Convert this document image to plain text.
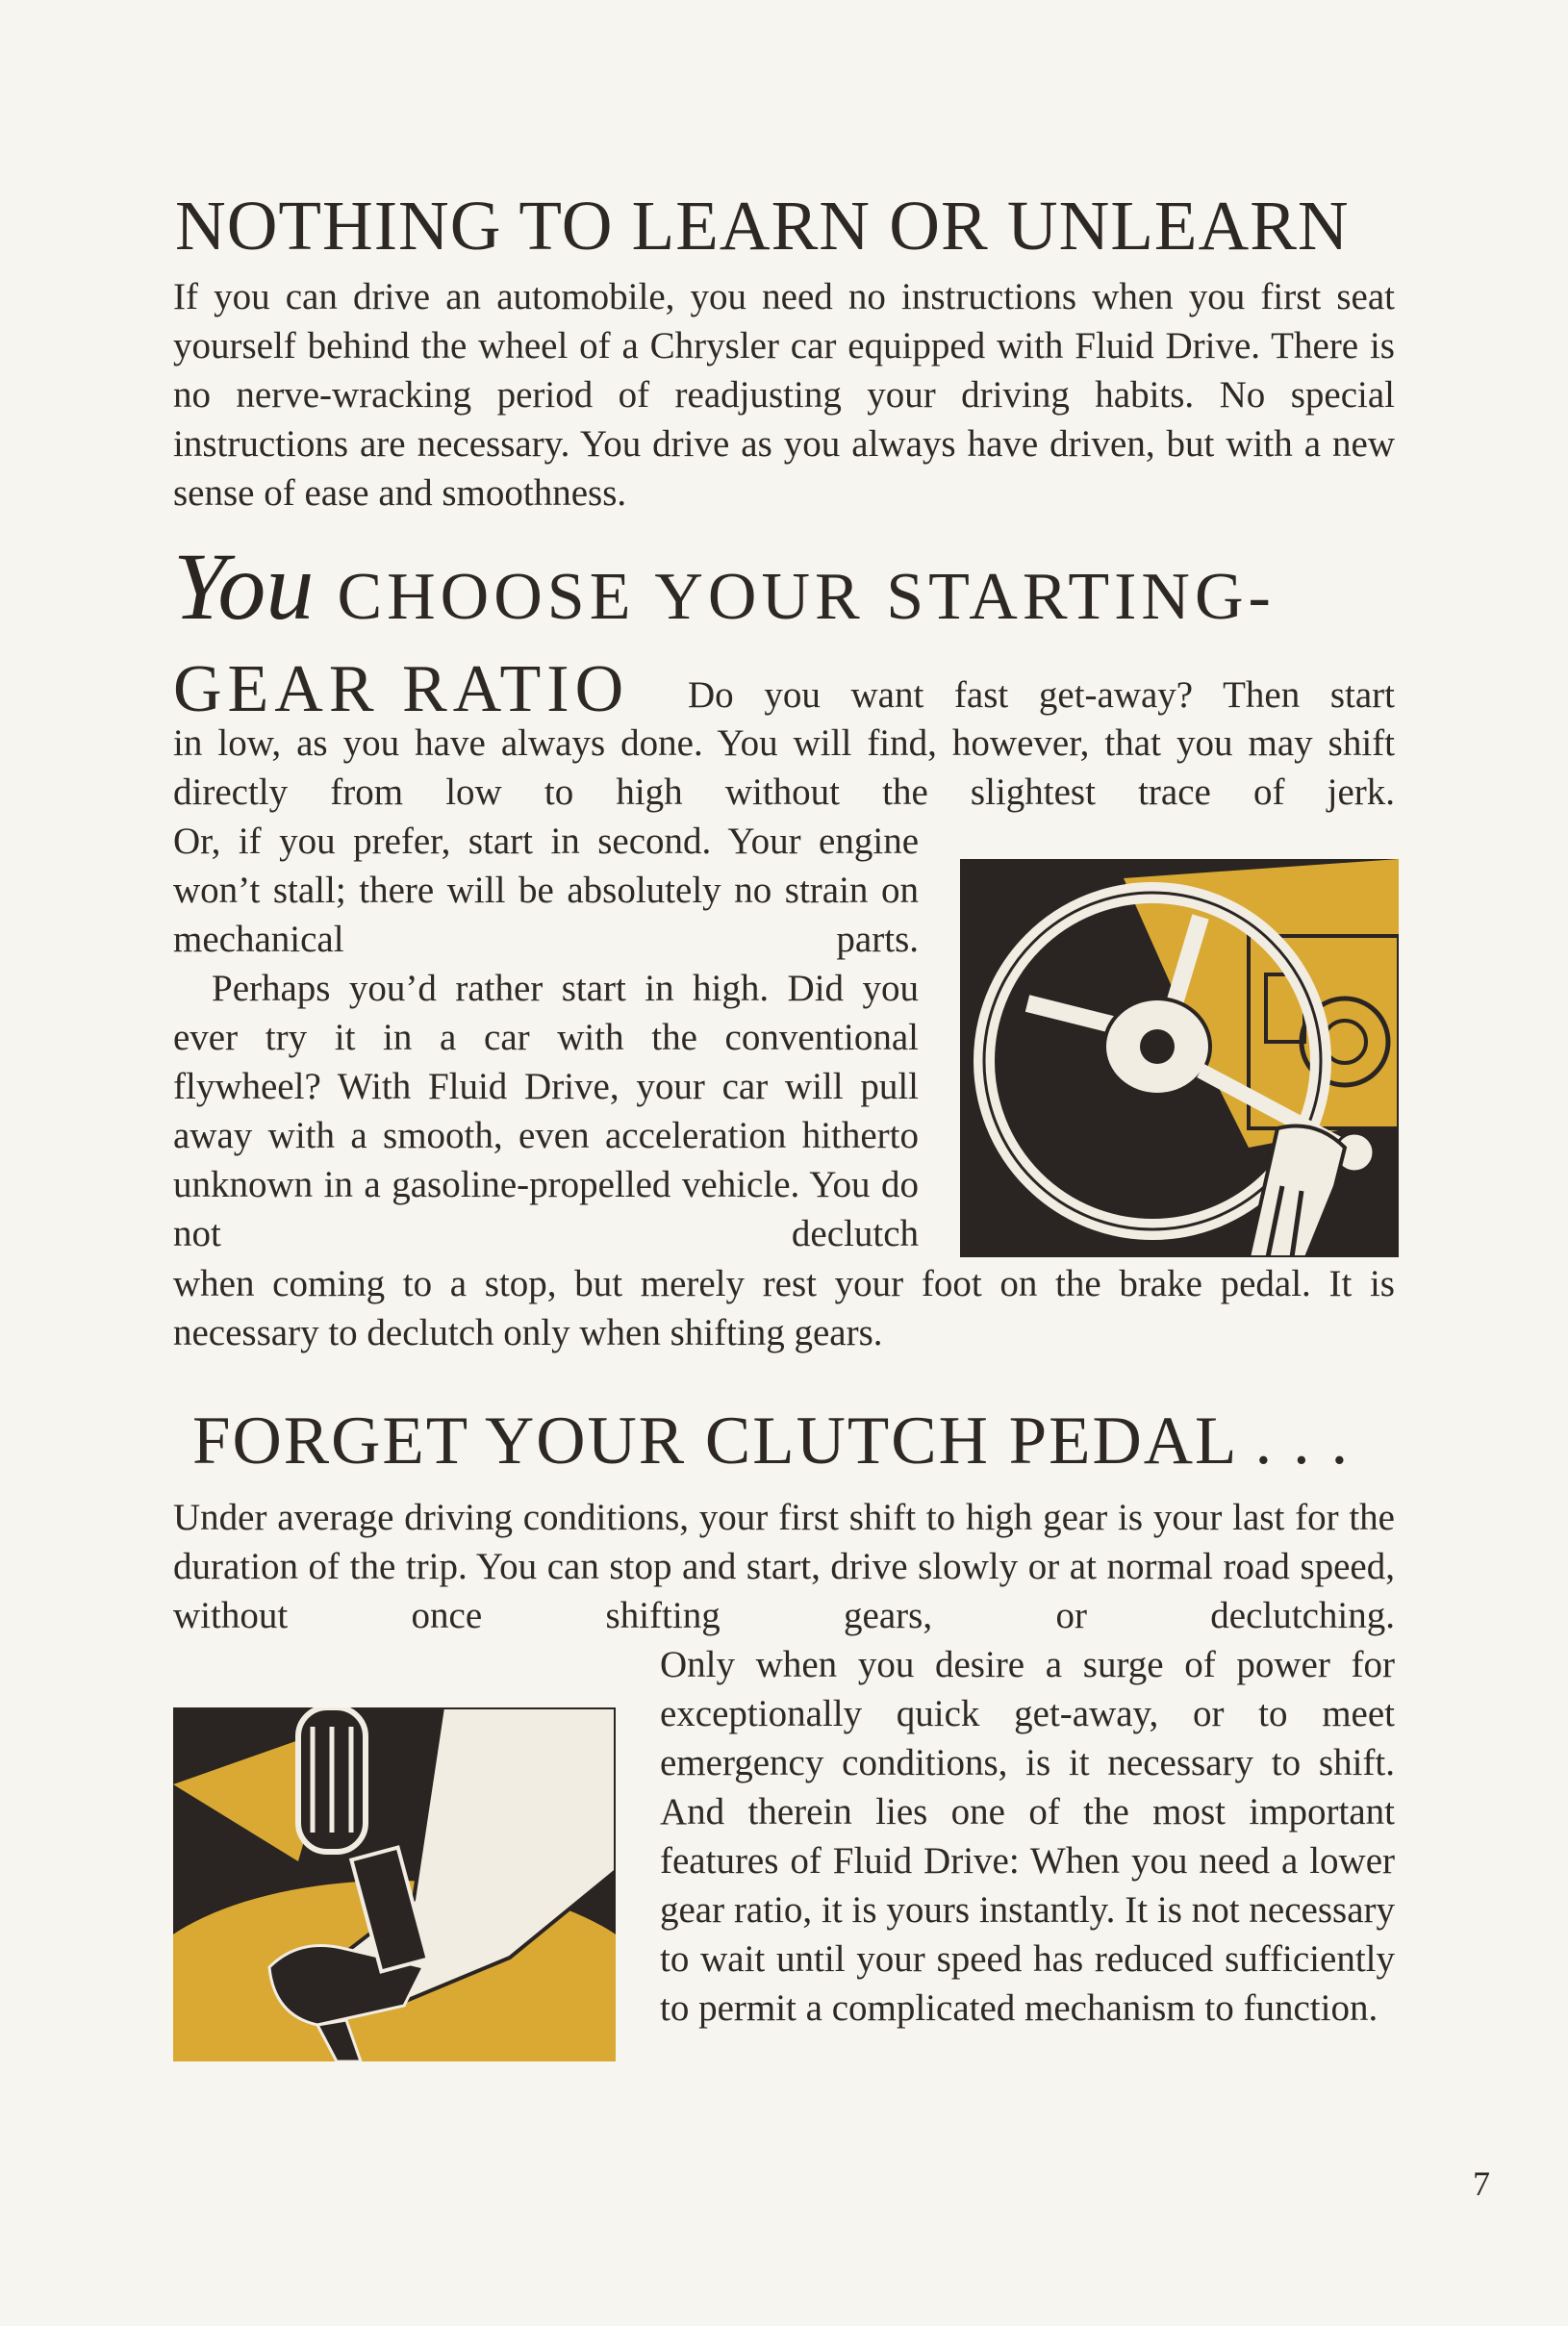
NOTHING TO LEARN OR UNLEARN

If you can drive an automobile, you need no instructions when you first seat yourself behind the wheel of a Chrysler car equipped with Fluid Drive. There is no nerve-wracking period of readjusting your driving habits. No special instructions are necessary. You drive as you always have driven, but with a new sense of ease and smoothness.

You CHOOSE YOUR STARTING-
GEAR RATIO Do you want fast get-away? Then start

in low, as you have always done. You will find, however, that you may shift directly from low to high without the slightest trace of jerk.

Or, if you prefer, start in second. Your engine won’t stall; there will be absolutely no strain on mechanical parts.

Perhaps you’d rather start in high. Did you ever try it in a car with the conventional flywheel? With Fluid Drive, your car will pull away with a smooth, even acceleration hitherto unknown in a gasoline-propelled vehicle. You do not declutch

when coming to a stop, but merely rest your foot on the brake pedal. It is necessary to declutch only when shifting gears.

FORGET YOUR CLUTCH PEDAL . . .

Under average driving conditions, your first shift to high gear is your last for the duration of the trip. You can stop and start, drive slowly or at normal road speed, without once shifting gears, or declutching.

Only when you desire a surge of power for exceptionally quick get-away, or to meet emergency conditions, is it necessary to shift. And therein lies one of the most important features of Fluid Drive: When you need a lower gear ratio, it is yours instantly. It is not necessary to wait until your speed has reduced sufficiently to permit a complicated mechanism to function.

7
